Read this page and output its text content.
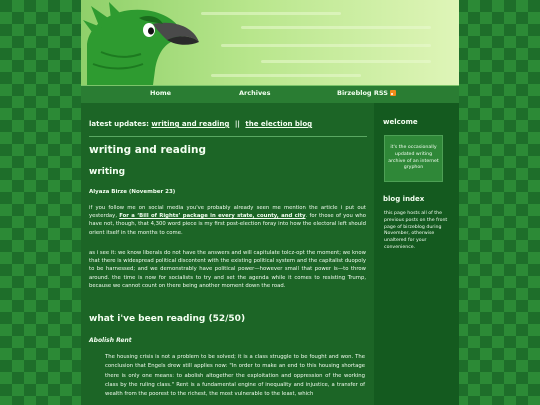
Home	Archives	Birzeblog RSS
latest updates: writing and reading || the election blog
writing and reading
writing
Alyaza Birze (November 23)
if you follow me on social media you've probably already seen me mention the article i put out yesterday, For a ‘Bill of Rights’ package in every state, county, and city. for those of you who have not, though, that 4,300 word piece is my first post-election foray into how the electoral left should orient itself in the months to come.
as i see it: we know liberals do not have the answers and will capitulate tolcz-opt the moment; we know that there is widespread political discontent with the existing political system and the capitalist duopoly to be harnessed; and we demonstrably have political power—however small that power is—to throw around. the time is now for socialists to try and set the agenda while it comes to resisting Trump, because we cannot count on there being another moment down the road.
what i've been reading (52/50)
Abolish Rent
The housing crisis is not a problem to be solved; it is a class struggle to be fought and won. The conclusion that Engels drew still applies now: "In order to make an end to this housing shortage there is only one means: to abolish altogether the exploitation and oppression of the working class by the ruling class." Rent is a fundamental engine of inequality and injustice, a transfer of wealth from the poorest to the richest, the most vulnerable to the least, which
welcome
it's the occasionally updated writing archive of an internet gryphon
blog index
this page hosts all of the previous posts on the front page of birzeblog during November, otherwise unaltered for your convenience.
